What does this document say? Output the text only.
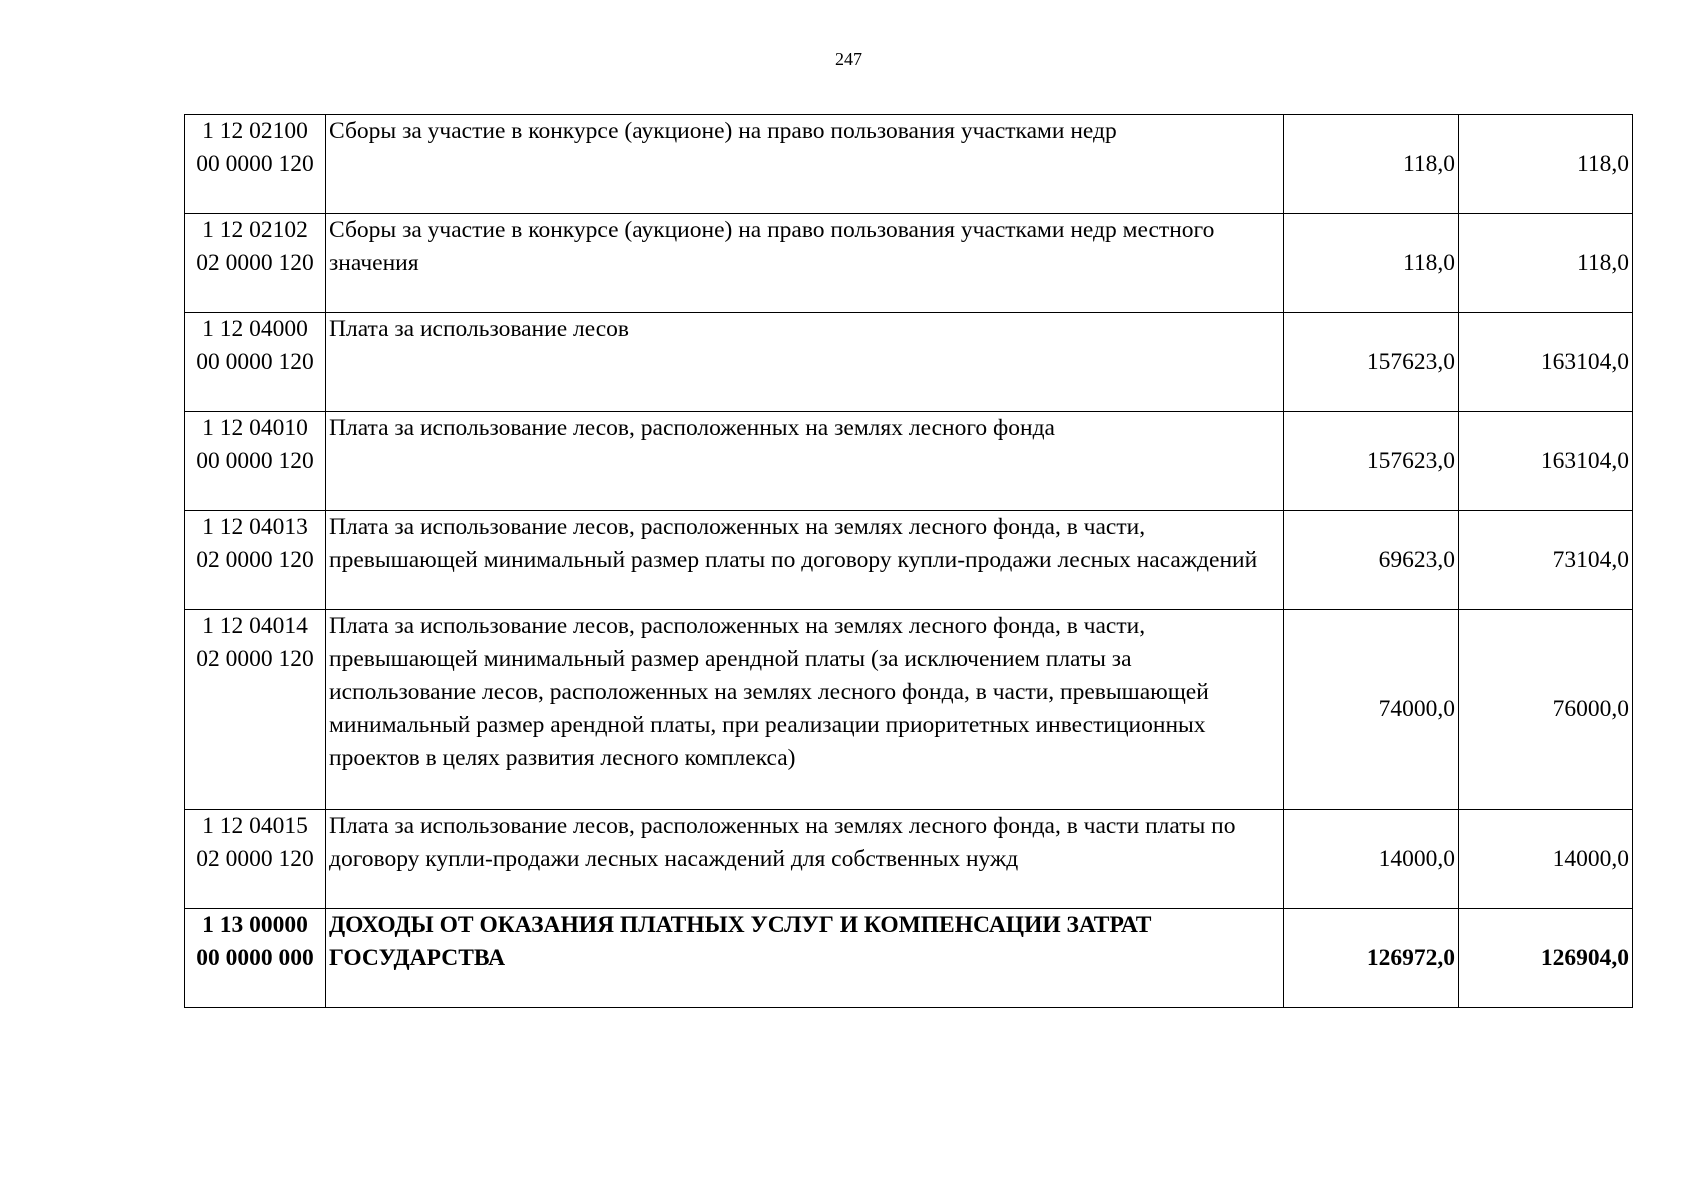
247
1 12 02100
00 0000 120	Сборы за участие в конкурсе (аукционе) на право пользования участками недр	118,0	118,0

1 12 02102
02 0000 120	Сборы за участие в конкурсе (аукционе) на право пользования участками недр местного значения	118,0	118,0

1 12 04000
00 0000 120	Плата за использование лесов	157623,0	163104,0

1 12 04010
00 0000 120	Плата за использование лесов, расположенных на землях лесного фонда	157623,0	163104,0

1 12 04013
02 0000 120	Плата за использование лесов, расположенных на землях лесного фонда, в части, превышающей минимальный размер платы по договору купли-продажи лесных насаждений	69623,0	73104,0

1 12 04014
02 0000 120	Плата за использование лесов, расположенных на землях лесного фонда, в части, превышающей минимальный размер арендной платы (за исключением платы за использование лесов, расположенных на землях лесного фонда, в части, превышающей минимальный размер арендной платы, при реализации приоритетных инвестиционных проектов в целях развития лесного комплекса)	74000,0	76000,0

1 12 04015
02 0000 120	Плата за использование лесов, расположенных на землях лесного фонда, в части платы по договору купли-продажи лесных насаждений для собственных нужд	14000,0	14000,0

1 13 00000
00 0000 000	ДОХОДЫ ОТ ОКАЗАНИЯ ПЛАТНЫХ УСЛУГ И КОМПЕНСАЦИИ ЗАТРАТ ГОСУДАРСТВА	126972,0	126904,0
